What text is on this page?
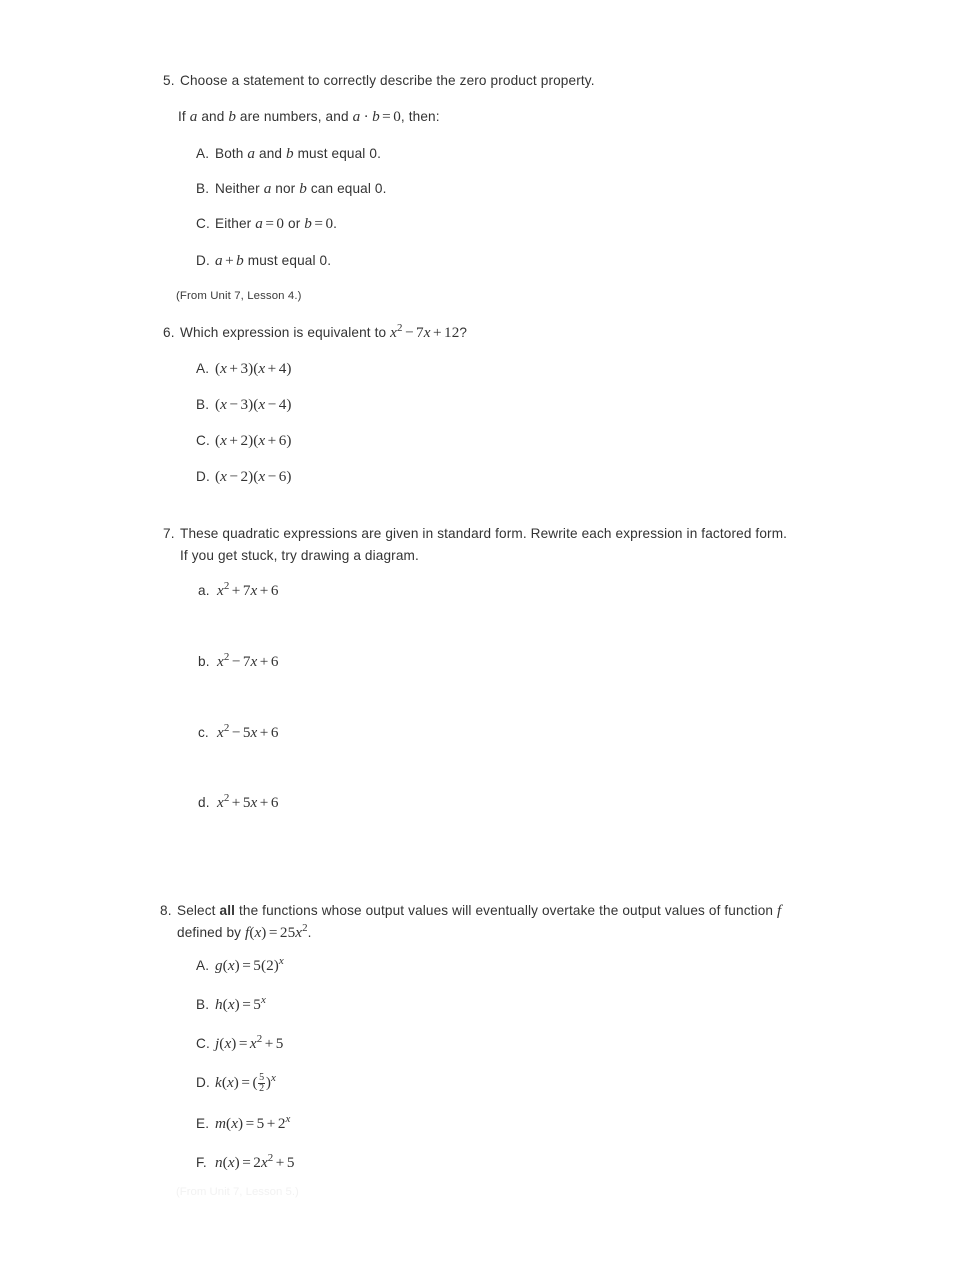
5. Choose a statement to correctly describe the zero product property.
If a and b are numbers, and a · b = 0, then:
A. Both a and b must equal 0.
B. Neither a nor b can equal 0.
C. Either a = 0 or b = 0.
D. a + b must equal 0.
(From Unit 7, Lesson 4.)
6. Which expression is equivalent to $x^2 - 7x + 12$?
A. (x + 3)(x + 4)
B. (x − 3)(x − 4)
C. (x + 2)(x + 6)
D. (x − 2)(x − 6)
7. These quadratic expressions are given in standard form. Rewrite each expression in factored form. If you get stuck, try drawing a diagram.
a. $x^2 + 7x + 6$
b. $x^2 - 7x + 6$
c. $x^2 - 5x + 6$
d. $x^2 + 5x + 6$
8. Select all the functions whose output values will eventually overtake the output values of function f defined by $f(x) = 25x^2$.
A. $g(x) = 5(2)^x$
B. $h(x) = 5^x$
C. $j(x) = x^2 + 5$
D. k(x) = ( $\frac{5}{2} )^x$
E. $m(x) = 5 + 2^x$
F. $n(x) = 2x^2 + 5$
(From Unit 7, Lesson 5.)
